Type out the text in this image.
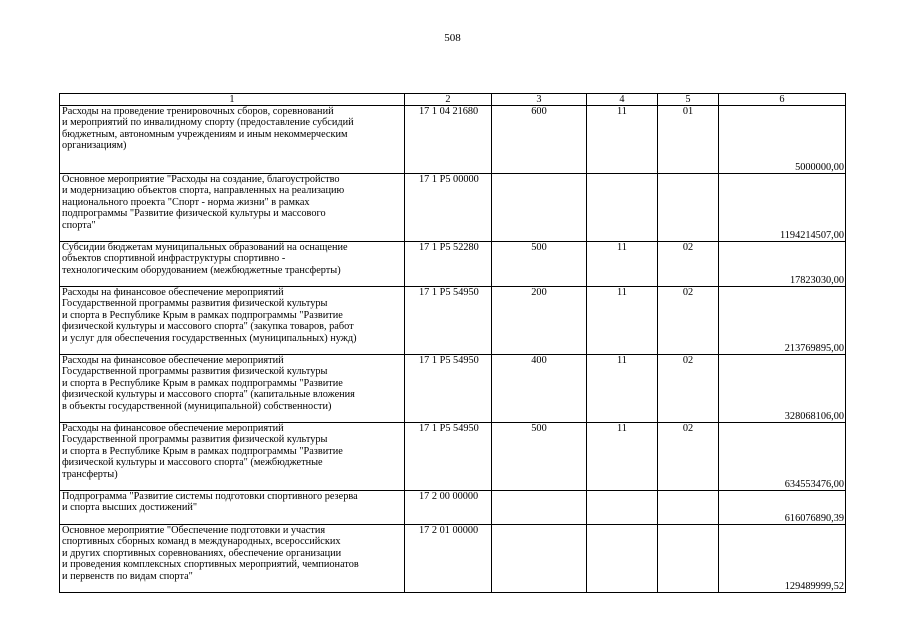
508
1	2	3	4	5	6

Расходы на проведение тренировочных сборов, соревнований
и мероприятий по инвалидному спорту (предоставление субсидий
бюджетным, автономным учреждениям и иным некоммерческим
организациям)	17 1 04 21680	600	11	01	5000000,00

Основное мероприятие "Расходы на создание, благоустройство
и модернизацию объектов спорта, направленных на реализацию
национального проекта "Спорт - норма жизни" в рамках
подпрограммы "Развитие физической культуры и массового
спорта"	17 1 P5 00000				1194214507,00

Субсидии бюджетам муниципальных образований на оснащение
объектов спортивной инфраструктуры спортивно -
технологическим оборудованием (межбюджетные трансферты)	17 1 P5 52280	500	11	02	17823030,00

Расходы на финансовое обеспечение мероприятий
Государственной программы развития физической культуры
и спорта в Республике Крым в рамках подпрограммы "Развитие
физической культуры и массового спорта" (закупка товаров, работ
и услуг для обеспечения государственных (муниципальных) нужд)	17 1 P5 54950	200	11	02	213769895,00

Расходы на финансовое обеспечение мероприятий
Государственной программы развития физической культуры
и спорта в Республике Крым в рамках подпрограммы "Развитие
физической культуры и массового спорта" (капитальные вложения
в объекты государственной (муниципальной) собственности)	17 1 P5 54950	400	11	02	328068106,00

Расходы на финансовое обеспечение мероприятий
Государственной программы развития физической культуры
и спорта в Республике Крым в рамках подпрограммы "Развитие
физической культуры и массового спорта" (межбюджетные
трансферты)	17 1 P5 54950	500	11	02	634553476,00

Подпрограмма "Развитие системы подготовки спортивного резерва
и спорта высших достижений"	17 2 00 00000				616076890,39

Основное мероприятие "Обеспечение подготовки и участия
спортивных сборных команд в международных, всероссийских
и других спортивных соревнованиях, обеспечение организации
и проведения комплексных спортивных мероприятий, чемпионатов
и первенств по видам спорта"	17 2 01 00000				129489999,52
